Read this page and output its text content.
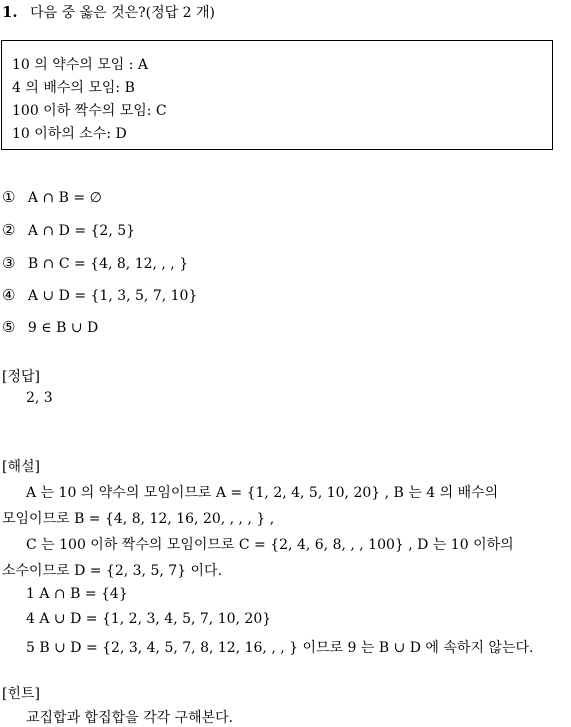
1. 다음 중 옳은 것은?(정답 2 개)
10 의 약수의 모임 : A
4 의 배수의 모임: B
100 이하 짝수의 모임: C
10 이하의 소수: D
① A ∩ B = ∅
② A ∩ D = {2, 5}
③ B ∩ C = {4, 8, 12, , , }
④ A ∪ D = {1, 3, 5, 7, 10}
⑤ 9 ∈ B ∪ D
[정답]
2, 3
[해설]
A 는 10 의 약수의 모임이므로 A = {1, 2, 4, 5, 10, 20} , B 는 4 의 배수의
모임이므로 B = {4, 8, 12, 16, 20, , , , } ,
C 는 100 이하 짝수의 모임이므로 C = {2, 4, 6, 8, , , 100} , D 는 10 이하의
소수이므로 D = {2, 3, 5, 7} 이다.
1 A ∩ B = {4}
4 A ∪ D = {1, 2, 3, 4, 5, 7, 10, 20}
5 B ∪ D = {2, 3, 4, 5, 7, 8, 12, 16, , , } 이므로 9 는 B ∪ D 에 속하지 않는다.
[힌트]
교집합과 합집합을 각각 구해본다.
